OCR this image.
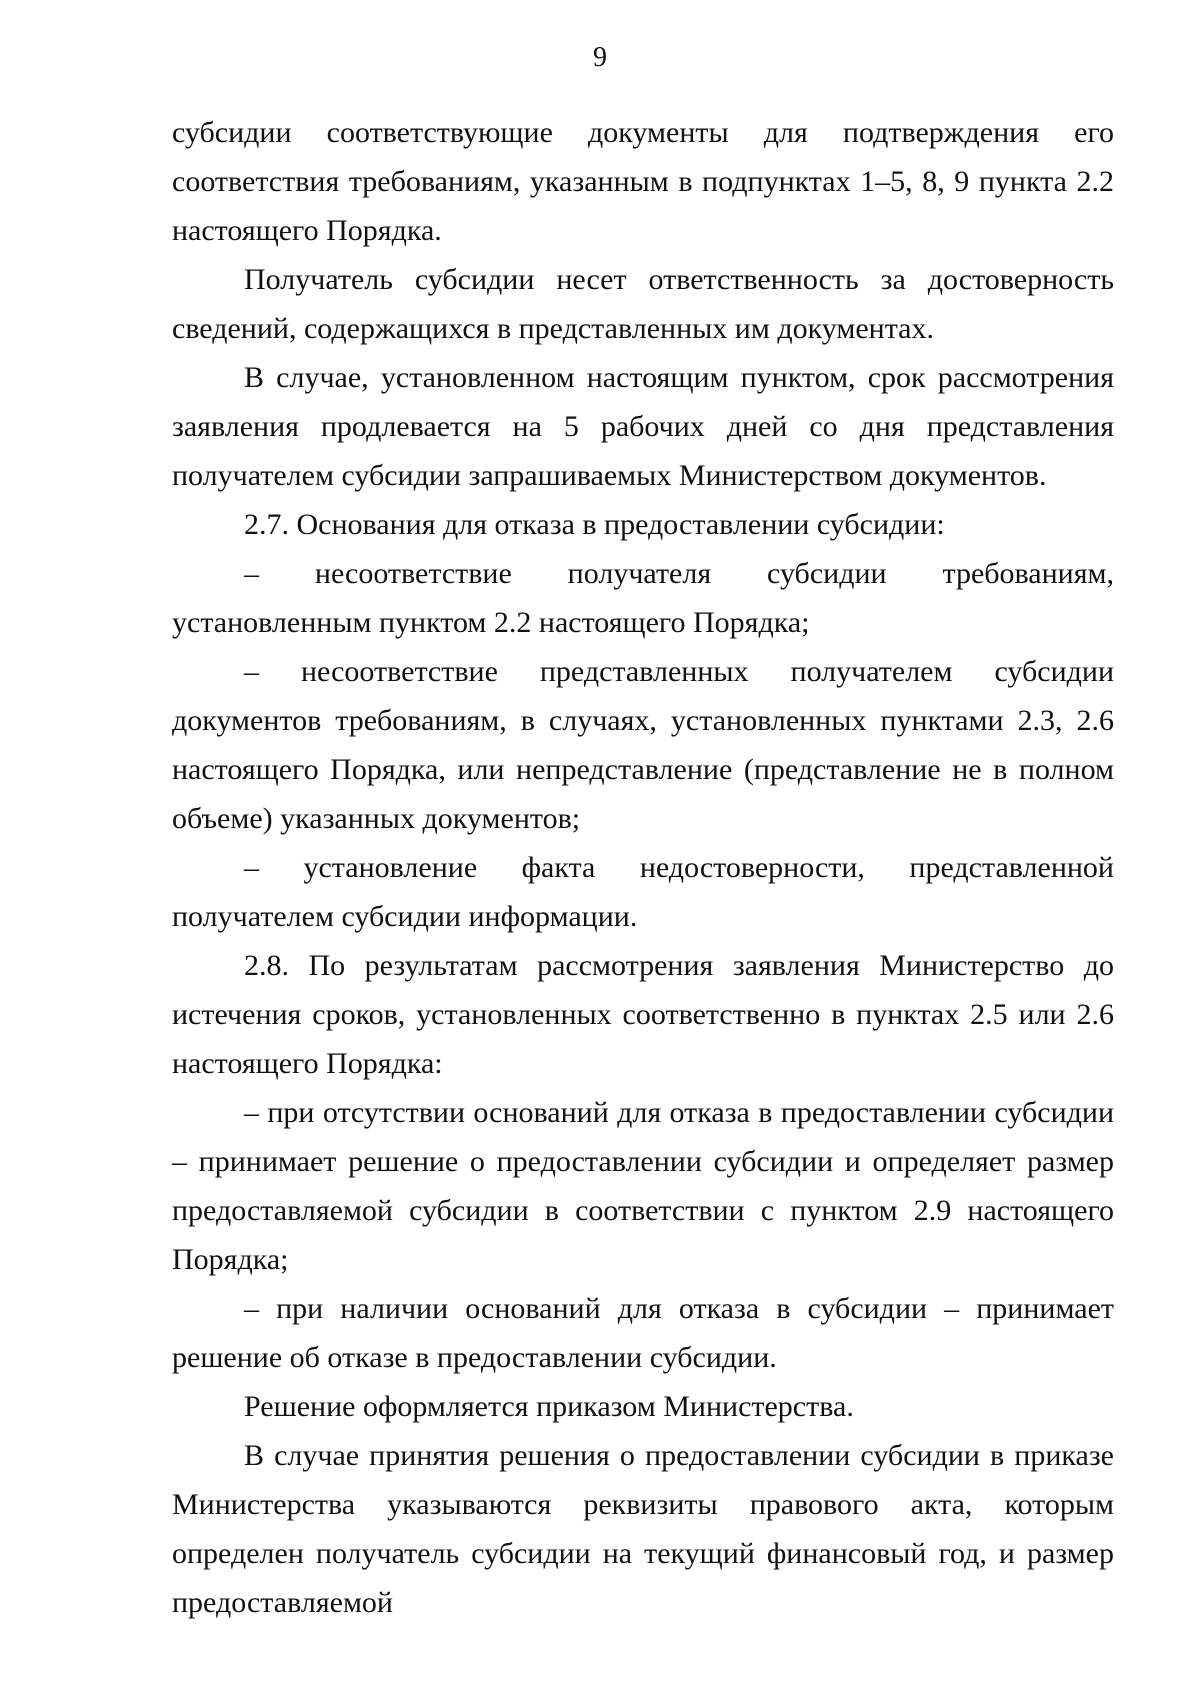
9

субсидии соответствующие документы для подтверждения его соответствия требованиям, указанным в подпунктах 1–5, 8, 9 пункта 2.2 настоящего Порядка.

Получатель субсидии несет ответственность за достоверность сведений, содержащихся в представленных им документах.

В случае, установленном настоящим пунктом, срок рассмотрения заявления продлевается на 5 рабочих дней со дня представления получателем субсидии запрашиваемых Министерством документов.

2.7. Основания для отказа в предоставлении субсидии:

– несоответствие получателя субсидии требованиям, установленным пунктом 2.2 настоящего Порядка;

– несоответствие представленных получателем субсидии документов требованиям, в случаях, установленных пунктами 2.3, 2.6 настоящего Порядка, или непредставление (представление не в полном объеме) указанных документов;

– установление факта недостоверности, представленной получателем субсидии информации.

2.8. По результатам рассмотрения заявления Министерство до истечения сроков, установленных соответственно в пунктах 2.5 или 2.6 настоящего Порядка:

– при отсутствии оснований для отказа в предоставлении субсидии – принимает решение о предоставлении субсидии и определяет размер предоставляемой субсидии в соответствии с пунктом 2.9 настоящего Порядка;

– при наличии оснований для отказа в субсидии – принимает решение об отказе в предоставлении субсидии.

Решение оформляется приказом Министерства.

В случае принятия решения о предоставлении субсидии в приказе Министерства указываются реквизиты правового акта, которым определен получатель субсидии на текущий финансовый год, и размер предоставляемой
